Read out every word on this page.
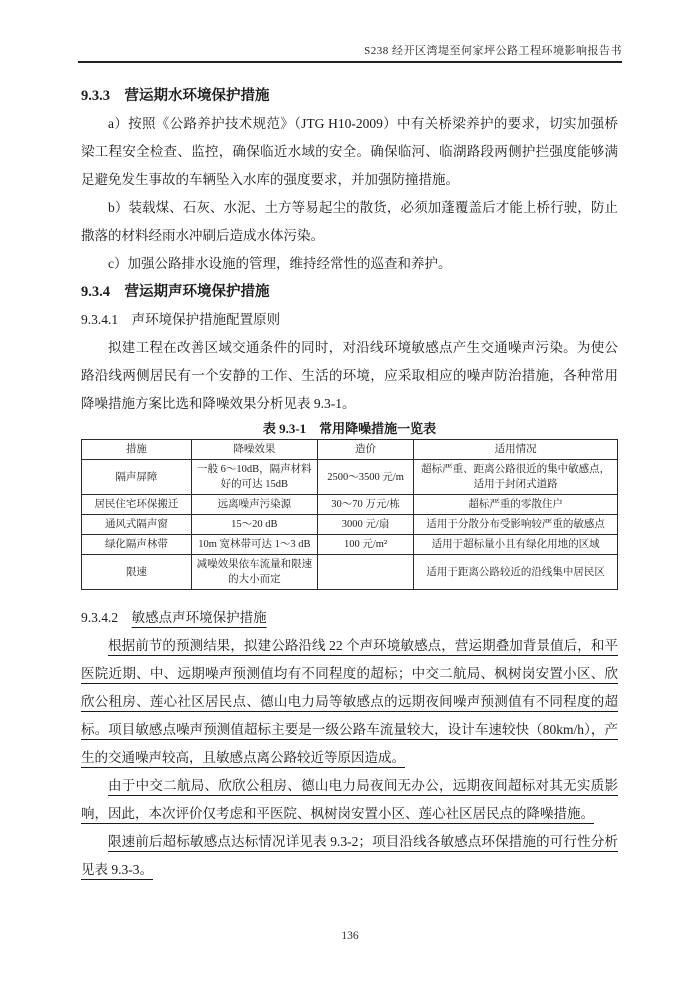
S238 经开区湾堤至何家坪公路工程环境影响报告书
9.3.3　营运期水环境保护措施

a）按照《公路养护技术规范》（JTG H10-2009）中有关桥梁养护的要求，切实加强桥梁工程安全检查、监控，确保临近水域的安全。确保临河、临湖路段两侧护拦强度能够满足避免发生事故的车辆坠入水库的强度要求，并加强防撞措施。

b）装载煤、石灰、水泥、土方等易起尘的散货，必须加蓬覆盖后才能上桥行驶，防止撒落的材料经雨水冲刷后造成水体污染。

c）加强公路排水设施的管理，维持经常性的巡查和养护。

9.3.4　营运期声环境保护措施
9.3.4.1　声环境保护措施配置原则

拟建工程在改善区域交通条件的同时，对沿线环境敏感点产生交通噪声污染。为使公路沿线两侧居民有一个安静的工作、生活的环境，应采取相应的噪声防治措施，各种常用降噪措施方案比选和降噪效果分析见表 9.3-1。

表 9.3-1　常用降噪措施一览表

措施	降噪效果	造价	适用情况
隔声屏障	一般 6～10dB，隔声材料好的可达 15dB	2500～3500 元/m	超标严重、距离公路很近的集中敏感点，适用于封闭式道路
居民住宅环保搬迁	远离噪声污染源	30～70 万元/栋	超标严重的零散住户
通风式隔声窗	15～20 dB	3000 元/扇	适用于分散分布受影响较严重的敏感点
绿化隔声林带	10m 宽林带可达 1～3 dB	100 元/m²	适用于超标量小且有绿化用地的区域
限速	减噪效果依车流量和限速的大小而定		适用于距离公路较近的沿线集中居民区
9.3.4.2　 敏感点声环境保护措施

根据前节的预测结果，拟建公路沿线 22 个声环境敏感点，营运期叠加背景值后，和平医院近期、中、远期噪声预测值均有不同程度的超标；中交二航局、枫树岗安置小区、欣欣公租房、莲心社区居民点、德山电力局等敏感点的远期夜间噪声预测值有不同程度的超标。项目敏感点噪声预测值超标主要是一级公路车流量较大，设计车速较快（80km/h），产生的交通噪声较高，且敏感点离公路较近等原因造成。

由于中交二航局、欣欣公租房、德山电力局夜间无办公，远期夜间超标对其无实质影响，因此，本次评价仅考虑和平医院、枫树岗安置小区、莲心社区居民点的降噪措施。

限速前后超标敏感点达标情况详见表 9.3-2；项目沿线各敏感点环保措施的可行性分析见表 9.3-3。

136
